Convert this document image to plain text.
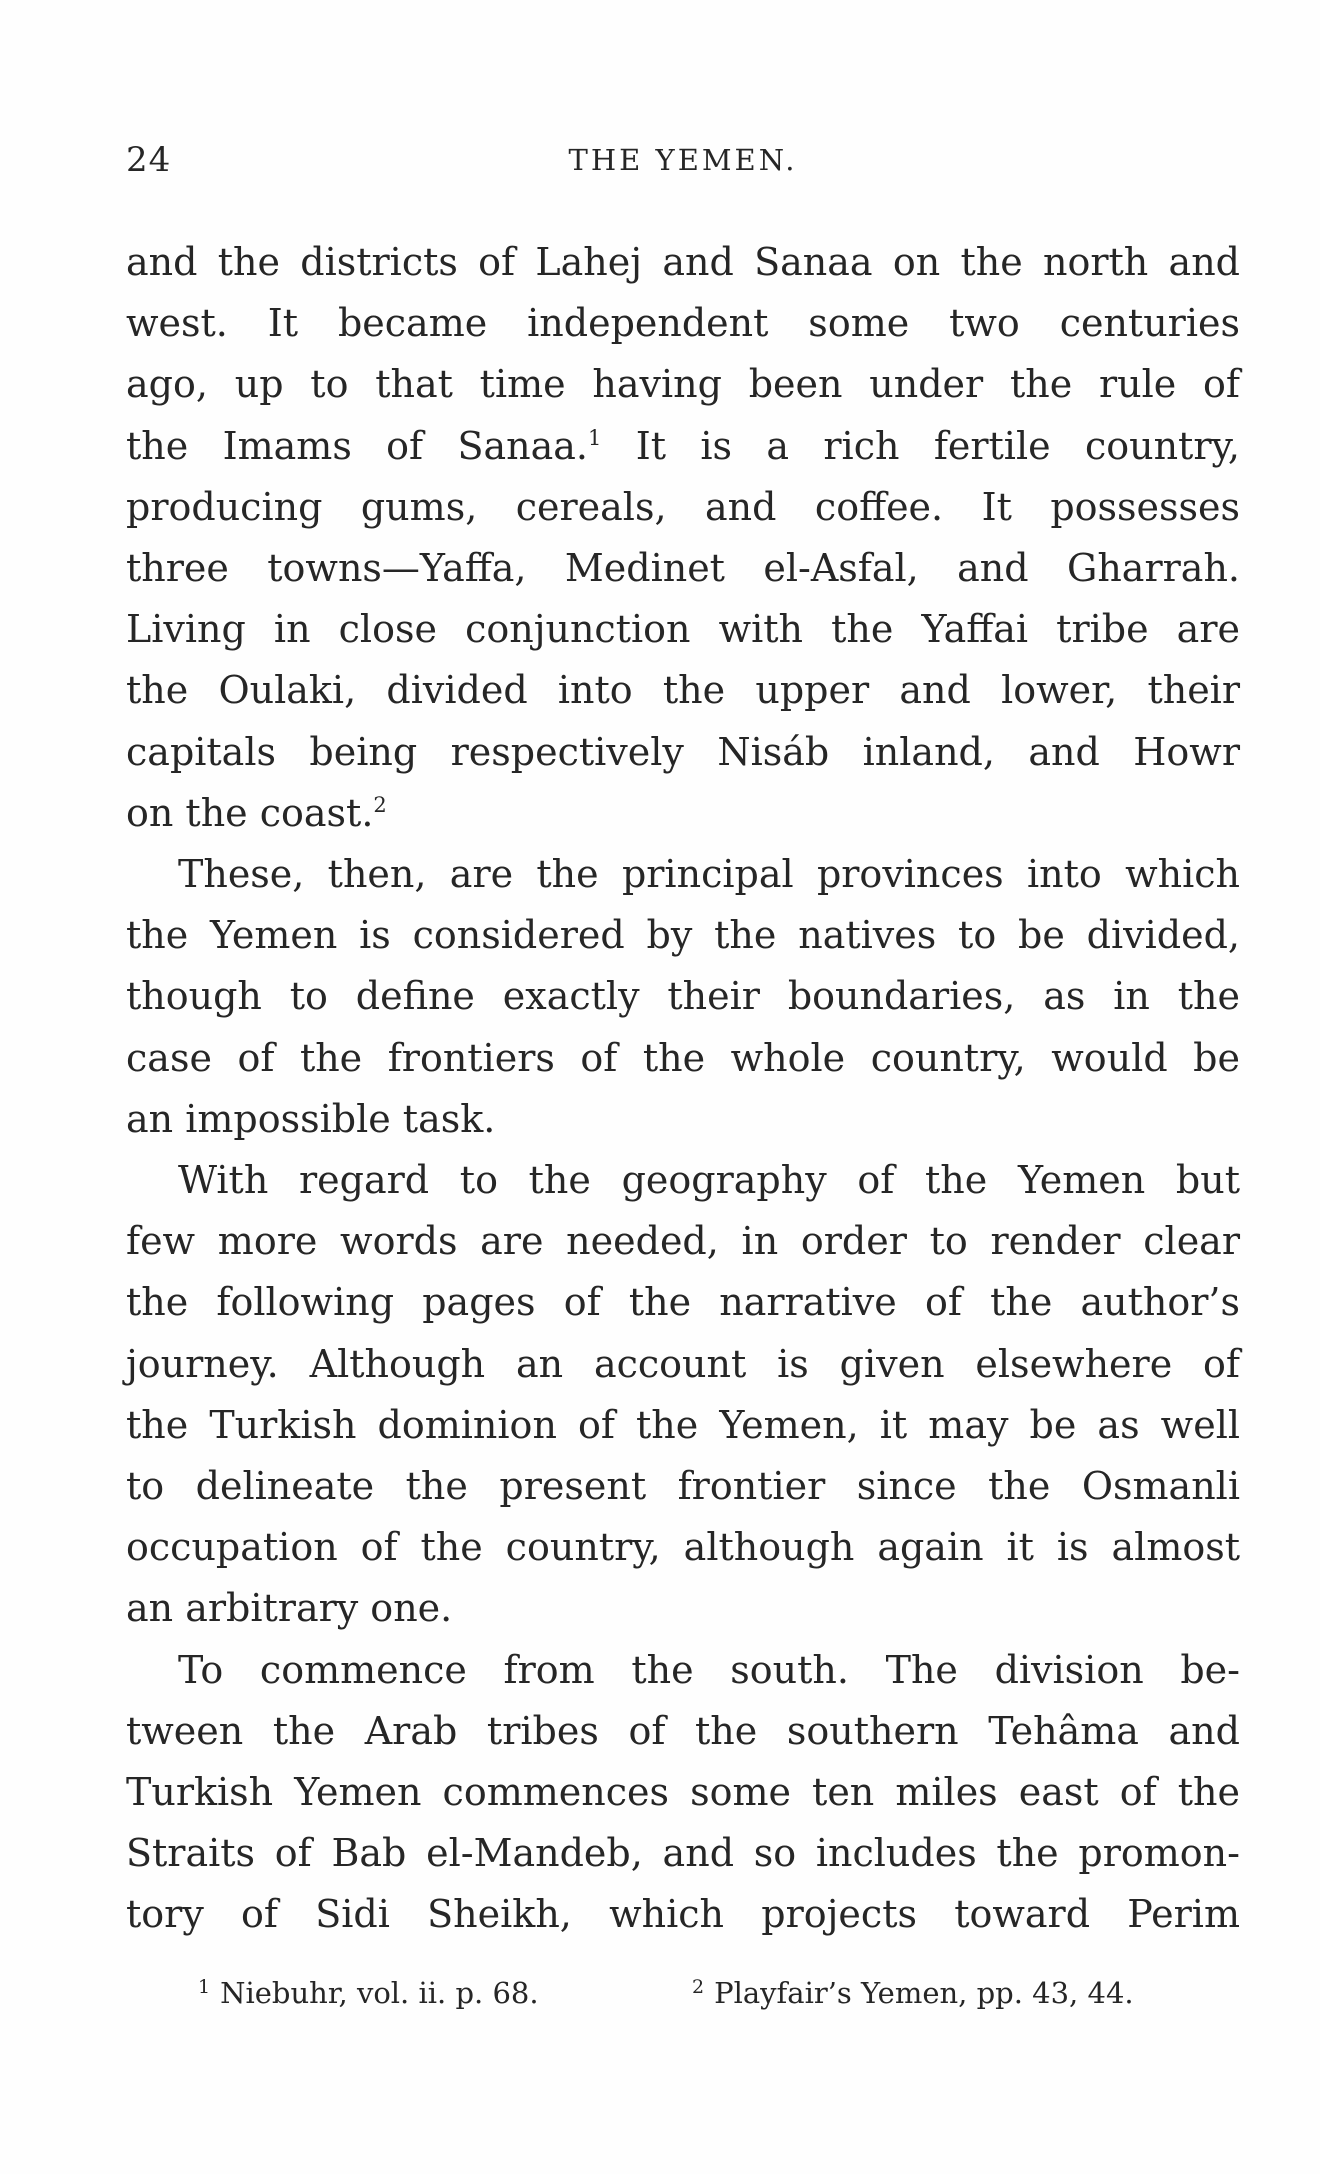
24	THE YEMEN.

and the districts of Lahej and Sanaa on the north and
west. It became independent some two centuries
ago, up to that time having been under the rule of
the Imams of Sanaa.$^1$ It is a rich fertile country,
producing gums, cereals, and coffee. It possesses
three towns—Yaffa, Medinet el-Asfal, and Gharrah.
Living in close conjunction with the Yaffai tribe are
the Oulaki, divided into the upper and lower, their
capitals being respectively Nisáb inland, and Howr
on the coast.$^2$

These, then, are the principal provinces into which
the Yemen is considered by the natives to be divided,
though to define exactly their boundaries, as in the
case of the frontiers of the whole country, would be
an impossible task.

With regard to the geography of the Yemen but
few more words are needed, in order to render clear
the following pages of the narrative of the author’s
journey. Although an account is given elsewhere of
the Turkish dominion of the Yemen, it may be as well
to delineate the present frontier since the Osmanli
occupation of the country, although again it is almost
an arbitrary one.

To commence from the south. The division be-
tween the Arab tribes of the southern Tehâma and
Turkish Yemen commences some ten miles east of the
Straits of Bab el-Mandeb, and so includes the promon-
tory of Sidi Sheikh, which projects toward Perim

$^1$ Niebuhr, vol. ii. p. 68.	$^2$ Playfair’s Yemen, pp. 43, 44.
